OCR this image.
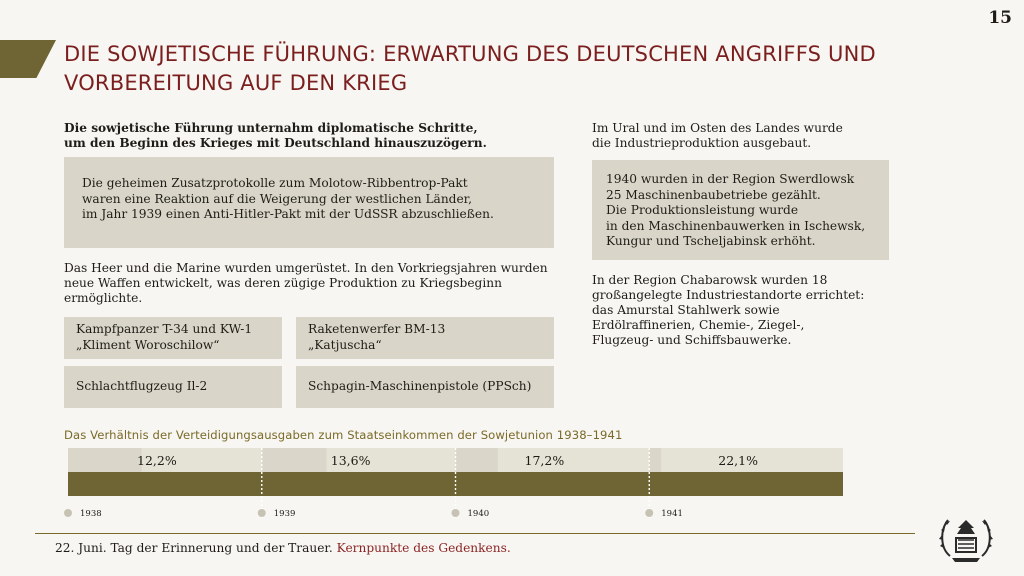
15
DIE SOWJETISCHE FÜHRUNG: ERWARTUNG DES DEUTSCHEN ANGRIFFS UND VORBEREITUNG AUF DEN KRIEG
Die sowjetische Führung unternahm diplomatische Schritte,
um den Beginn des Krieges mit Deutschland hinauszuzögern.
Die geheimen Zusatzprotokolle zum Molotow-Ribbentrop-Pakt
waren eine Reaktion auf die Weigerung der westlichen Länder,
im Jahr 1939 einen Anti-Hitler-Pakt mit der UdSSR abzuschließen.
Das Heer und die Marine wurden umgerüstet. In den Vorkriegsjahren wurden
neue Waffen entwickelt, was deren zügige Produktion zu Kriegsbeginn
ermöglichte.
Kampfpanzer T-34 und KW-1
„Kliment Woroschilow“
Raketenwerfer BM-13
„Katjuscha“
Schlachtflugzeug Il-2	Schpagin-Maschinenpistole (PPSch)
Im Ural und im Osten des Landes wurde
die Industrieproduktion ausgebaut.
1940 wurden in der Region Swerdlowsk
25 Maschinenbaubetriebe gezählt.
Die Produktionsleistung wurde
in den Maschinenbauwerken in Ischewsk,
Kungur und Tscheljabinsk erhöht.
In der Region Chabarowsk wurden 18
großangelegte Industriestandorte errichtet:
das Amurstal Stahlwerk sowie
Erdölraffinerien, Chemie-, Ziegel-,
Flugzeug- und Schiffsbauwerke.
Das Verhältnis der Verteidigungsausgaben zum Staatseinkommen der Sowjetunion 1938–1941
12,2%
1938
13,6%
1939
17,2%
1940
22,1%
1941
22. Juni. Tag der Erinnerung und der Trauer. Kernpunkte des Gedenkens.
